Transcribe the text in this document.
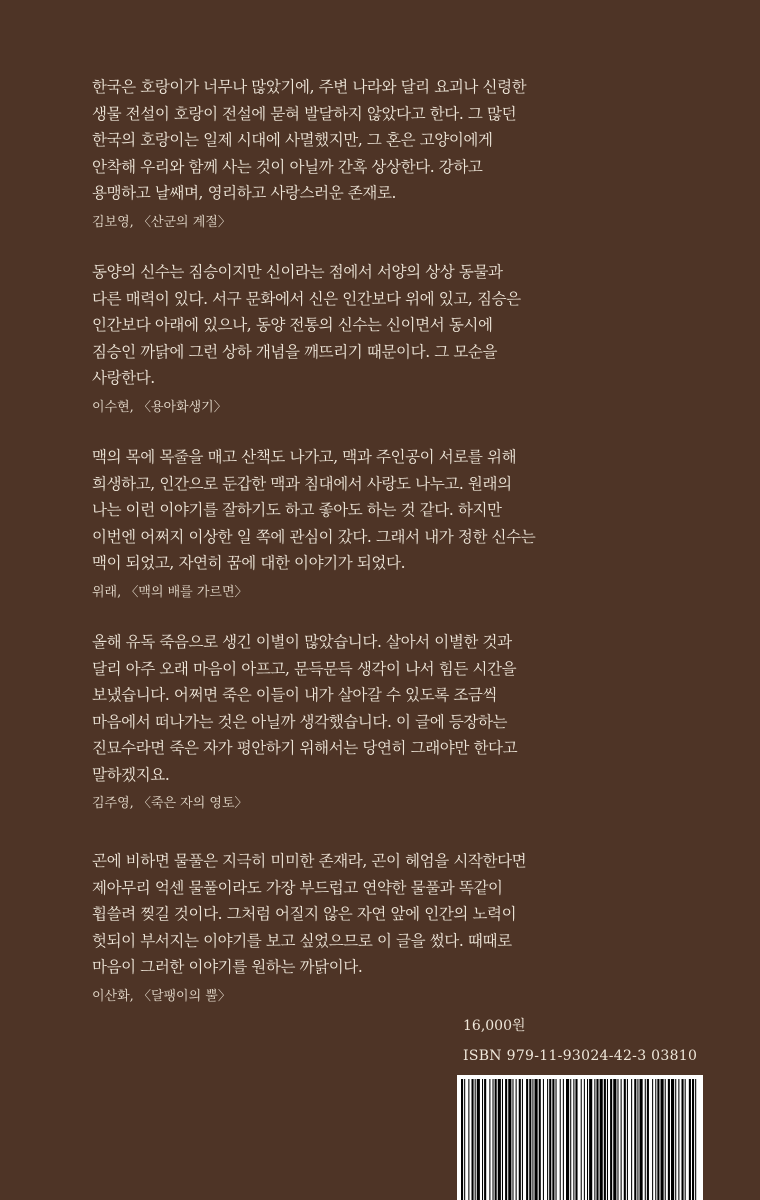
한국은 호랑이가 너무나 많았기에, 주변 나라와 달리 요괴나 신령한
생물 전설이 호랑이 전설에 묻혀 발달하지 않았다고 한다. 그 많던
한국의 호랑이는 일제 시대에 사멸했지만, 그 혼은 고양이에게
안착해 우리와 함께 사는 것이 아닐까 간혹 상상한다. 강하고
용맹하고 날쌔며, 영리하고 사랑스러운 존재로.
김보영, 〈산군의 계절〉
동양의 신수는 짐승이지만 신이라는 점에서 서양의 상상 동물과
다른 매력이 있다. 서구 문화에서 신은 인간보다 위에 있고, 짐승은
인간보다 아래에 있으나, 동양 전통의 신수는 신이면서 동시에
짐승인 까닭에 그런 상하 개념을 깨뜨리기 때문이다. 그 모순을
사랑한다.
이수현, 〈용아화생기〉
맥의 목에 목줄을 매고 산책도 나가고, 맥과 주인공이 서로를 위해
희생하고, 인간으로 둔갑한 맥과 침대에서 사랑도 나누고. 원래의
나는 이런 이야기를 잘하기도 하고 좋아도 하는 것 같다. 하지만
이번엔 어쩌지 이상한 일 쪽에 관심이 갔다. 그래서 내가 정한 신수는
맥이 되었고, 자연히 꿈에 대한 이야기가 되었다.
위래, 〈맥의 배를 가르면〉
올해 유독 죽음으로 생긴 이별이 많았습니다. 살아서 이별한 것과
달리 아주 오래 마음이 아프고, 문득문득 생각이 나서 힘든 시간을
보냈습니다. 어쩌면 죽은 이들이 내가 살아갈 수 있도록 조금씩
마음에서 떠나가는 것은 아닐까 생각했습니다. 이 글에 등장하는
진묘수라면 죽은 자가 평안하기 위해서는 당연히 그래야만 한다고
말하겠지요.
김주영, 〈죽은 자의 영토〉
곤에 비하면 물풀은 지극히 미미한 존재라, 곤이 헤엄을 시작한다면
제아무리 억센 물풀이라도 가장 부드럽고 연약한 물풀과 똑같이
휩쓸려 찢길 것이다. 그처럼 어질지 않은 자연 앞에 인간의 노력이
헛되이 부서지는 이야기를 보고 싶었으므로 이 글을 썼다. 때때로
마음이 그러한 이야기를 원하는 까닭이다.
이산화, 〈달팽이의 뿔〉
16,000원
ISBN 979-11-93024-42-3 03810
